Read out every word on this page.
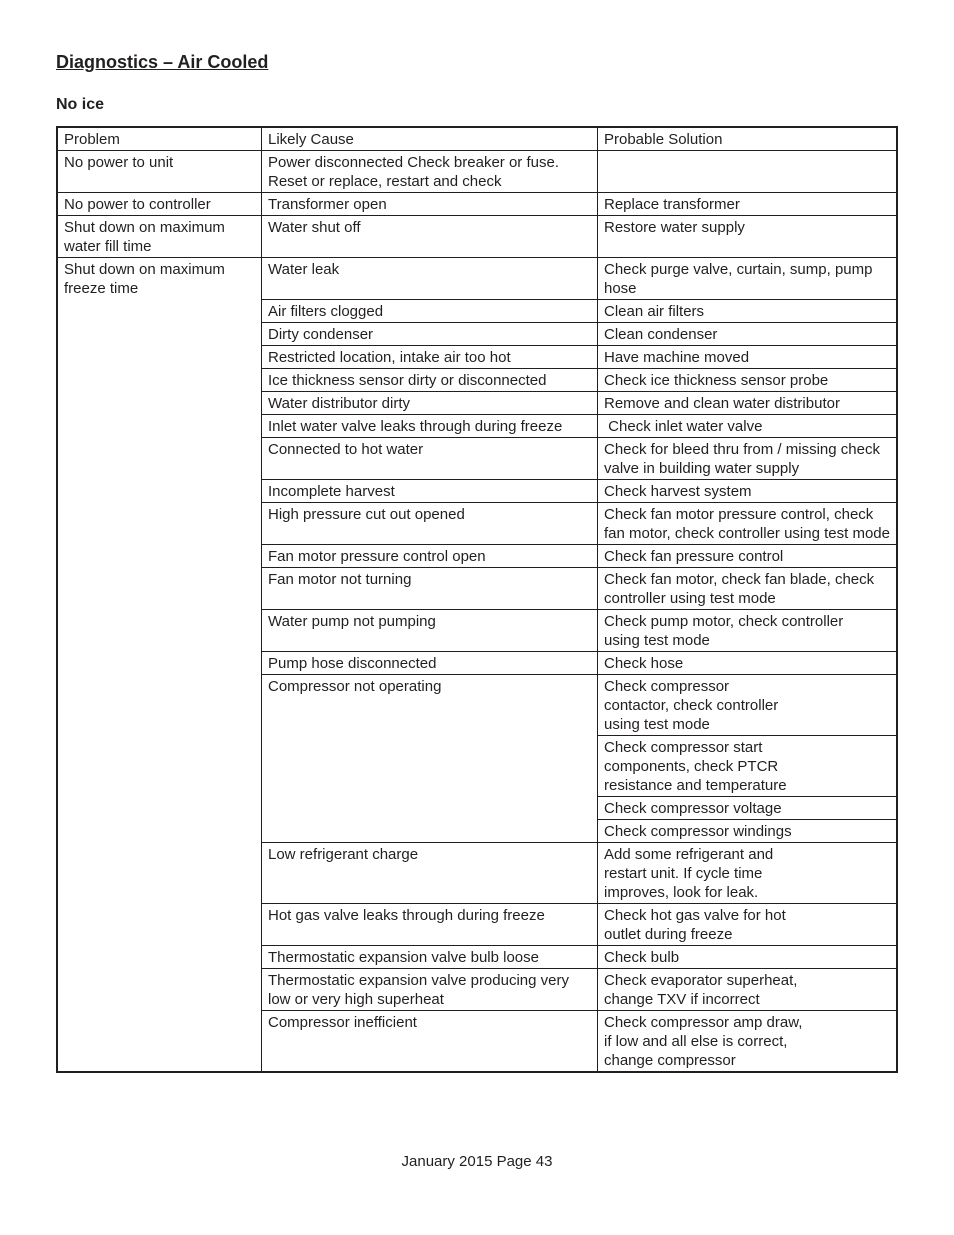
Diagnostics – Air Cooled
No ice
Problem	Likely Cause	Probable Solution
No power to unit	Power disconnected Check breaker or fuse. Reset or replace, restart and check	
No power to controller	Transformer open	Replace transformer
Shut down on maximum water fill time	Water shut off	Restore water supply
Shut down on maximum freeze time	Water leak	Check purge valve, curtain, sump, pump hose
	Air filters clogged	Clean air filters
	Dirty condenser	Clean condenser
	Restricted location, intake air too hot	Have machine moved
	Ice thickness sensor dirty or disconnected	Check ice thickness sensor probe
	Water distributor dirty	Remove and clean water distributor
	Inlet water valve leaks through during freeze	Check inlet water valve
	Connected to hot water	Check for bleed thru from / missing check valve in building water supply
	Incomplete harvest	Check harvest system
	High pressure cut out opened	Check fan motor pressure control, check fan motor, check controller using test mode
	Fan motor pressure control open	Check fan pressure control
	Fan motor not turning	Check fan motor, check fan blade, check controller using test mode
	Water pump not pumping	Check pump motor, check controller using test mode
	Pump hose disconnected	Check hose
	Compressor not operating	Check compressor contactor, check controller using test mode
		Check compressor start components, check PTCR resistance and temperature
		Check compressor voltage
		Check compressor windings
	Low refrigerant charge	Add some refrigerant and restart unit. If cycle time improves, look for leak.
	Hot gas valve leaks through during freeze	Check hot gas valve for hot outlet during freeze
	Thermostatic expansion valve bulb loose	Check bulb
	Thermostatic expansion valve producing very low or very high superheat	Check evaporator superheat, change TXV if incorrect
	Compressor inefficient	Check compressor amp draw, if low and all else is correct, change compressor
January 2015 Page 43
